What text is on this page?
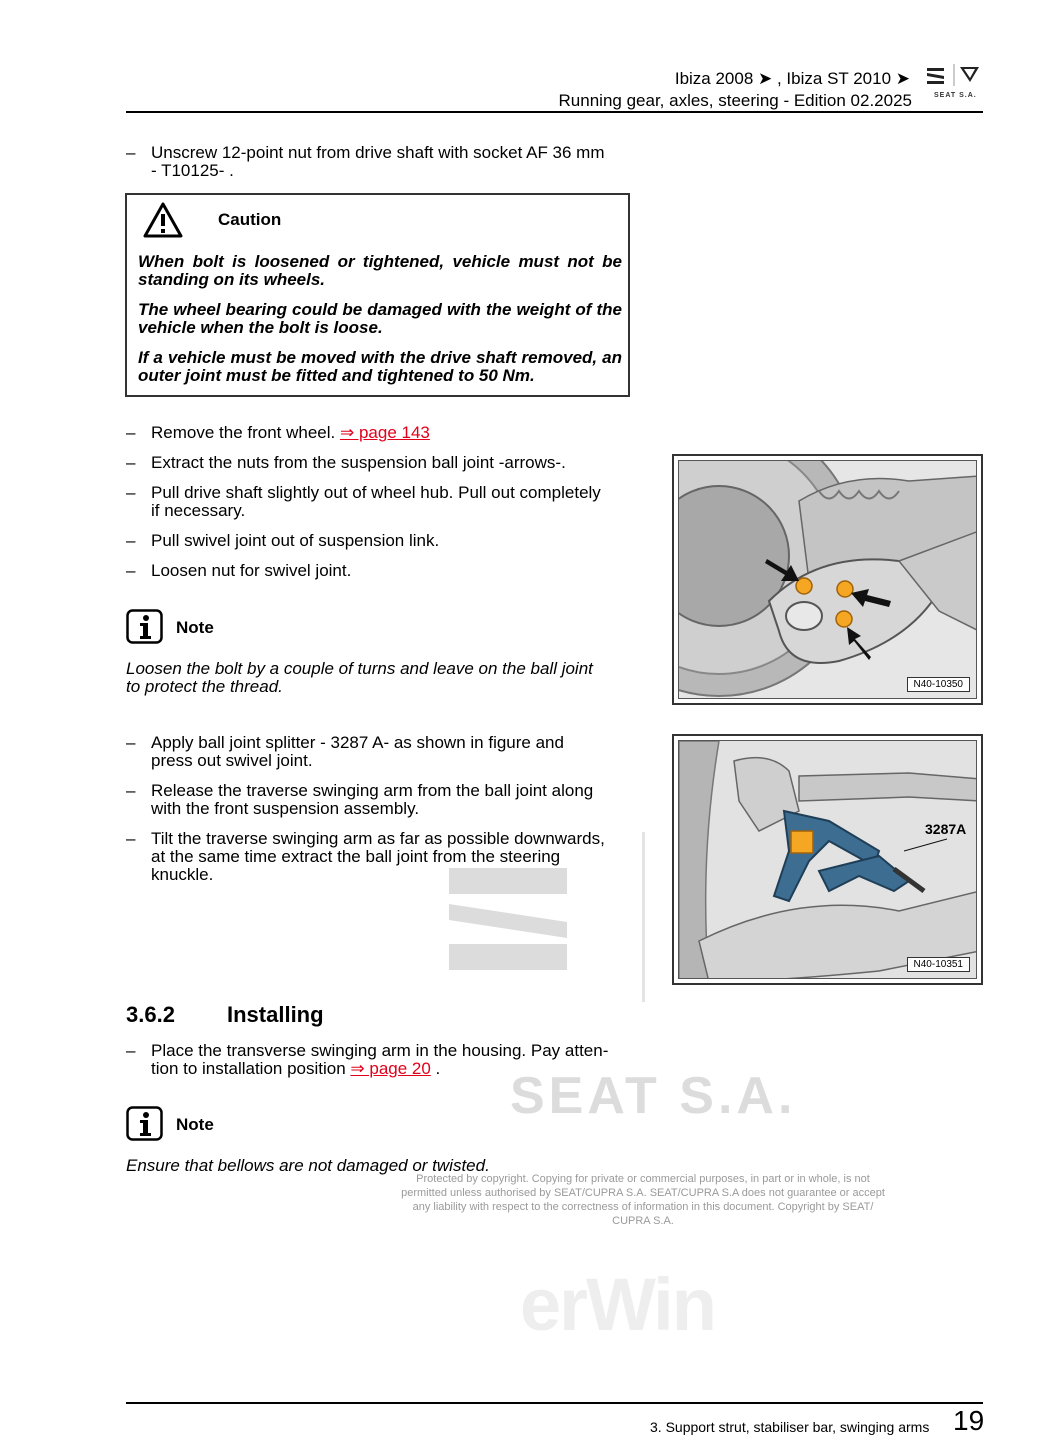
Ibiza 2008 ➤ , Ibiza ST 2010 ➤
Running gear, axles, steering - Edition 02.2025	SEAT S.A.
– Unscrew 12-point nut from drive shaft with socket AF 36 mm
- T10125- .
Caution
When bolt is loosened or tightened, vehicle must not be standing on its wheels.
The wheel bearing could be damaged with the weight of the vehicle when the bolt is loose.
If a vehicle must be moved with the drive shaft removed, an outer joint must be fitted and tightened to 50 Nm.
– Remove the front wheel. ⇒ page 143
– Extract the nuts from the suspension ball joint -arrows-.
– Pull drive shaft slightly out of wheel hub. Pull out completely
if necessary.
– Pull swivel joint out of suspension link.
– Loosen nut for swivel joint.
Note
Loosen the bolt by a couple of turns and leave on the ball joint
to protect the thread.
– Apply ball joint splitter - 3287 A- as shown in figure and
press out swivel joint.
– Release the traverse swinging arm from the ball joint along
with the front suspension assembly.
– Tilt the traverse swinging arm as far as possible downwards,
at the same time extract the ball joint from the steering
knuckle.
N40-10350
3287A
N40-10351
3.6.2 Installing
– Place the transverse swinging arm in the housing. Pay atten-
tion to installation position ⇒ page 20 . SEAT S.A.
Note
Ensure that bellows are not damaged or twisted.
Protected by copyright. Copying for private or commercial purposes, in part or in whole, is not
permitted unless authorised by SEAT/CUPRA S.A. SEAT/CUPRA S.A does not guarantee or accept
any liability with respect to the correctness of information in this document. Copyright by SEAT/
CUPRA S.A.
erWin
3. Support strut, stabiliser bar, swinging arms 19
